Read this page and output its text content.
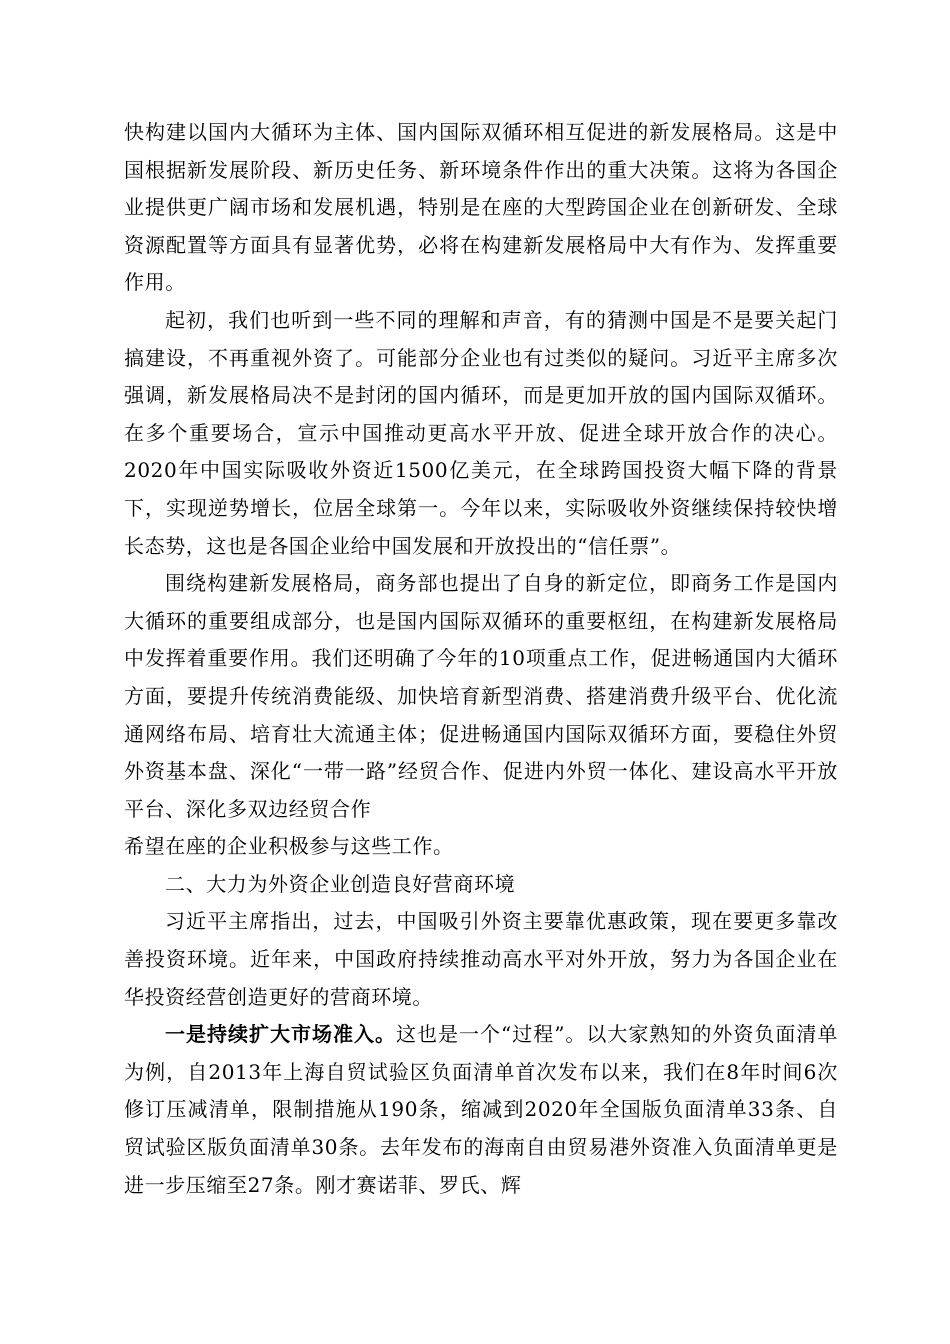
快构建以国内大循环为主体、国内国际双循环相互促进的新发展格局。这是中国根据新发展阶段、新历史任务、新环境条件作出的重大决策。这将为各国企业提供更广阔市场和发展机遇，特别是在座的大型跨国企业在创新研发、全球资源配置等方面具有显著优势，必将在构建新发展格局中大有作为、发挥重要作用。

起初，我们也听到一些不同的理解和声音，有的猜测中国是不是要关起门搞建设，不再重视外资了。可能部分企业也有过类似的疑问。习近平主席多次强调，新发展格局决不是封闭的国内循环，而是更加开放的国内国际双循环。在多个重要场合，宣示中国推动更高水平开放、促进全球开放合作的决心。2020年中国实际吸收外资近1500亿美元，在全球跨国投资大幅下降的背景下，实现逆势增长，位居全球第一。今年以来，实际吸收外资继续保持较快增长态势，这也是各国企业给中国发展和开放投出的“信任票”。

围绕构建新发展格局，商务部也提出了自身的新定位，即商务工作是国内大循环的重要组成部分，也是国内国际双循环的重要枢纽，在构建新发展格局中发挥着重要作用。我们还明确了今年的10项重点工作，促进畅通国内大循环方面，要提升传统消费能级、加快培育新型消费、搭建消费升级平台、优化流通网络布局、培育壮大流通主体；促进畅通国内国际双循环方面，要稳住外贸外资基本盘、深化“一带一路”经贸合作、促进内外贸一体化、建设高水平开放平台、深化多双边经贸合作

希望在座的企业积极参与这些工作。

二、大力为外资企业创造良好营商环境

习近平主席指出，过去，中国吸引外资主要靠优惠政策，现在要更多靠改善投资环境。近年来，中国政府持续推动高水平对外开放，努力为各国企业在华投资经营创造更好的营商环境。

一是持续扩大市场准入。这也是一个“过程”。以大家熟知的外资负面清单为例，自2013年上海自贸试验区负面清单首次发布以来，我们在8年时间6次修订压减清单，限制措施从190条，缩减到2020年全国版负面清单33条、自贸试验区版负面清单30条。去年发布的海南自由贸易港外资准入负面清单更是进一步压缩至27条。刚才赛诺菲、罗氏、辉
